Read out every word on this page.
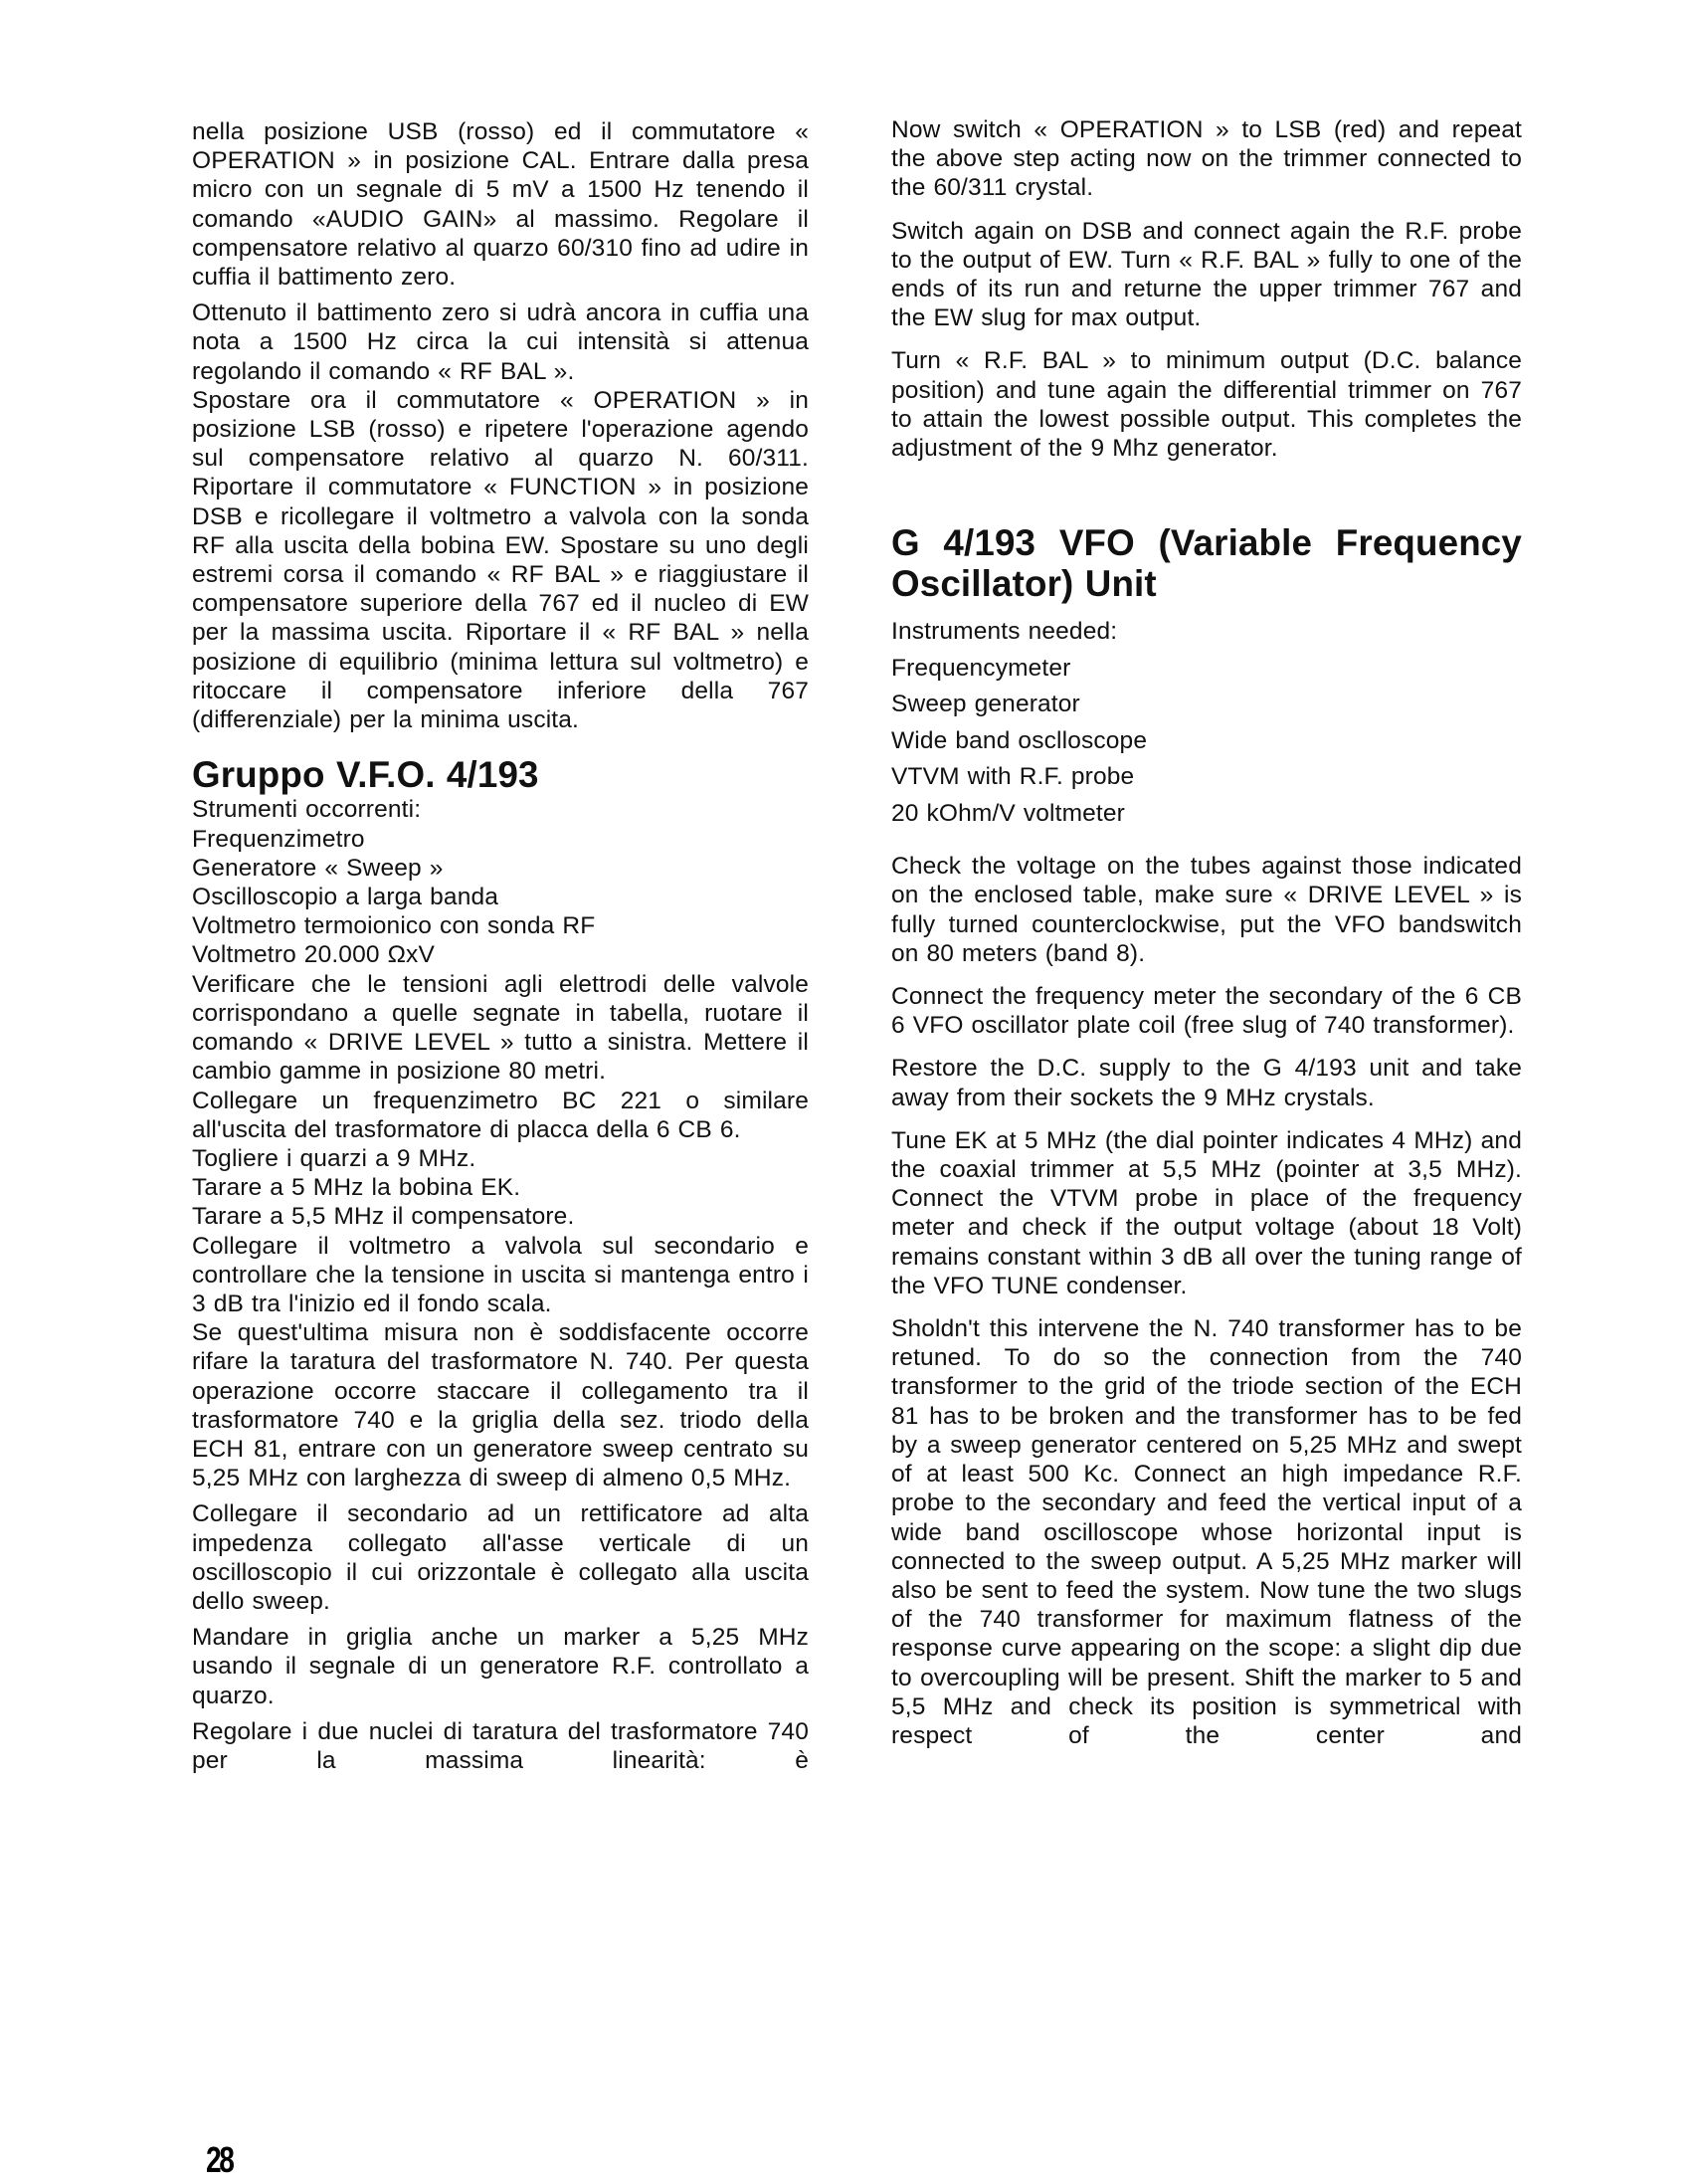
nella posizione USB (rosso) ed il commutatore « OPERATION » in posizione CAL. Entrare dalla presa micro con un segnale di 5 mV a 1500 Hz tenendo il comando «AUDIO GAIN» al massimo. Regolare il compensatore relativo al quarzo 60/310 fino ad udire in cuffia il battimento zero.

Ottenuto il battimento zero si udrà ancora in cuffia una nota a 1500 Hz circa la cui intensità si attenua regolando il comando « RF BAL ».

Spostare ora il commutatore « OPERATION » in posizione LSB (rosso) e ripetere l'operazione agendo sul compensatore relativo al quarzo N. 60/311. Riportare il commutatore « FUNCTION » in posizione DSB e ricollegare il voltmetro a valvola con la sonda RF alla uscita della bobina EW. Spostare su uno degli estremi corsa il comando « RF BAL » e riaggiustare il compensatore superiore della 767 ed il nucleo di EW per la massima uscita. Riportare il « RF BAL » nella posizione di equilibrio (minima lettura sul voltmetro) e ritoccare il compensatore inferiore della 767 (differenziale) per la minima uscita.

Gruppo V.F.O. 4/193

Strumenti occorrenti:

Frequenzimetro

Generatore « Sweep »

Oscilloscopio a larga banda

Voltmetro termoionico con sonda RF

Voltmetro 20.000 ΩxV

Verificare che le tensioni agli elettrodi delle valvole corrispondano a quelle segnate in tabella, ruotare il comando « DRIVE LEVEL » tutto a sinistra. Mettere il cambio gamme in posizione 80 metri.

Collegare un frequenzimetro BC 221 o similare all'uscita del trasformatore di placca della 6 CB 6.

Togliere i quarzi a 9 MHz.

Tarare a 5 MHz la bobina EK.

Tarare a 5,5 MHz il compensatore.

Collegare il voltmetro a valvola sul secondario e controllare che la tensione in uscita si mantenga entro i 3 dB tra l'inizio ed il fondo scala.

Se quest'ultima misura non è soddisfacente occorre rifare la taratura del trasformatore N. 740. Per questa operazione occorre staccare il collegamento tra il trasformatore 740 e la griglia della sez. triodo della ECH 81, entrare con un generatore sweep centrato su 5,25 MHz con larghezza di sweep di almeno 0,5 MHz.

Collegare il secondario ad un rettificatore ad alta impedenza collegato all'asse verticale di un oscilloscopio il cui orizzontale è collegato alla uscita dello sweep.

Mandare in griglia anche un marker a 5,25 MHz usando il segnale di un generatore R.F. controllato a quarzo.

Regolare i due nuclei di taratura del trasformatore 740 per la massima linearità: è

Now switch « OPERATION » to LSB (red) and repeat the above step acting now on the trimmer connected to the 60/311 crystal.

Switch again on DSB and connect again the R.F. probe to the output of EW. Turn « R.F. BAL » fully to one of the ends of its run and returne the upper trimmer 767 and the EW slug for max output.

Turn « R.F. BAL » to minimum output (D.C. balance position) and tune again the differential trimmer on 767 to attain the lowest possible output. This completes the adjustment of the 9 Mhz generator.

G 4/193 VFO (Variable Frequency Oscillator) Unit

Instruments needed:

Frequencymeter

Sweep generator

Wide band osclloscope

VTVM with R.F. probe

20 kOhm/V voltmeter

Check the voltage on the tubes against those indicated on the enclosed table, make sure « DRIVE LEVEL » is fully turned counterclockwise, put the VFO bandswitch on 80 meters (band 8).

Connect the frequency meter the secondary of the 6 CB 6 VFO oscillator plate coil (free slug of 740 transformer).

Restore the D.C. supply to the G 4/193 unit and take away from their sockets the 9 MHz crystals.

Tune EK at 5 MHz (the dial pointer indicates 4 MHz) and the coaxial trimmer at 5,5 MHz (pointer at 3,5 MHz). Connect the VTVM probe in place of the frequency meter and check if the output voltage (about 18 Volt) remains constant within 3 dB all over the tuning range of the VFO TUNE condenser.

Sholdn't this intervene the N. 740 transformer has to be retuned. To do so the connection from the 740 transformer to the grid of the triode section of the ECH 81 has to be broken and the transformer has to be fed by a sweep generator centered on 5,25 MHz and swept of at least 500 Kc. Connect an high impedance R.F. probe to the secondary and feed the vertical input of a wide band oscilloscope whose horizontal input is connected to the sweep output. A 5,25 MHz marker will also be sent to feed the system. Now tune the two slugs of the 740 transformer for maximum flatness of the response curve appearing on the scope: a slight dip due to overcoupling will be present. Shift the marker to 5 and 5,5 MHz and check its position is symmetrical with respect of the center and

28
